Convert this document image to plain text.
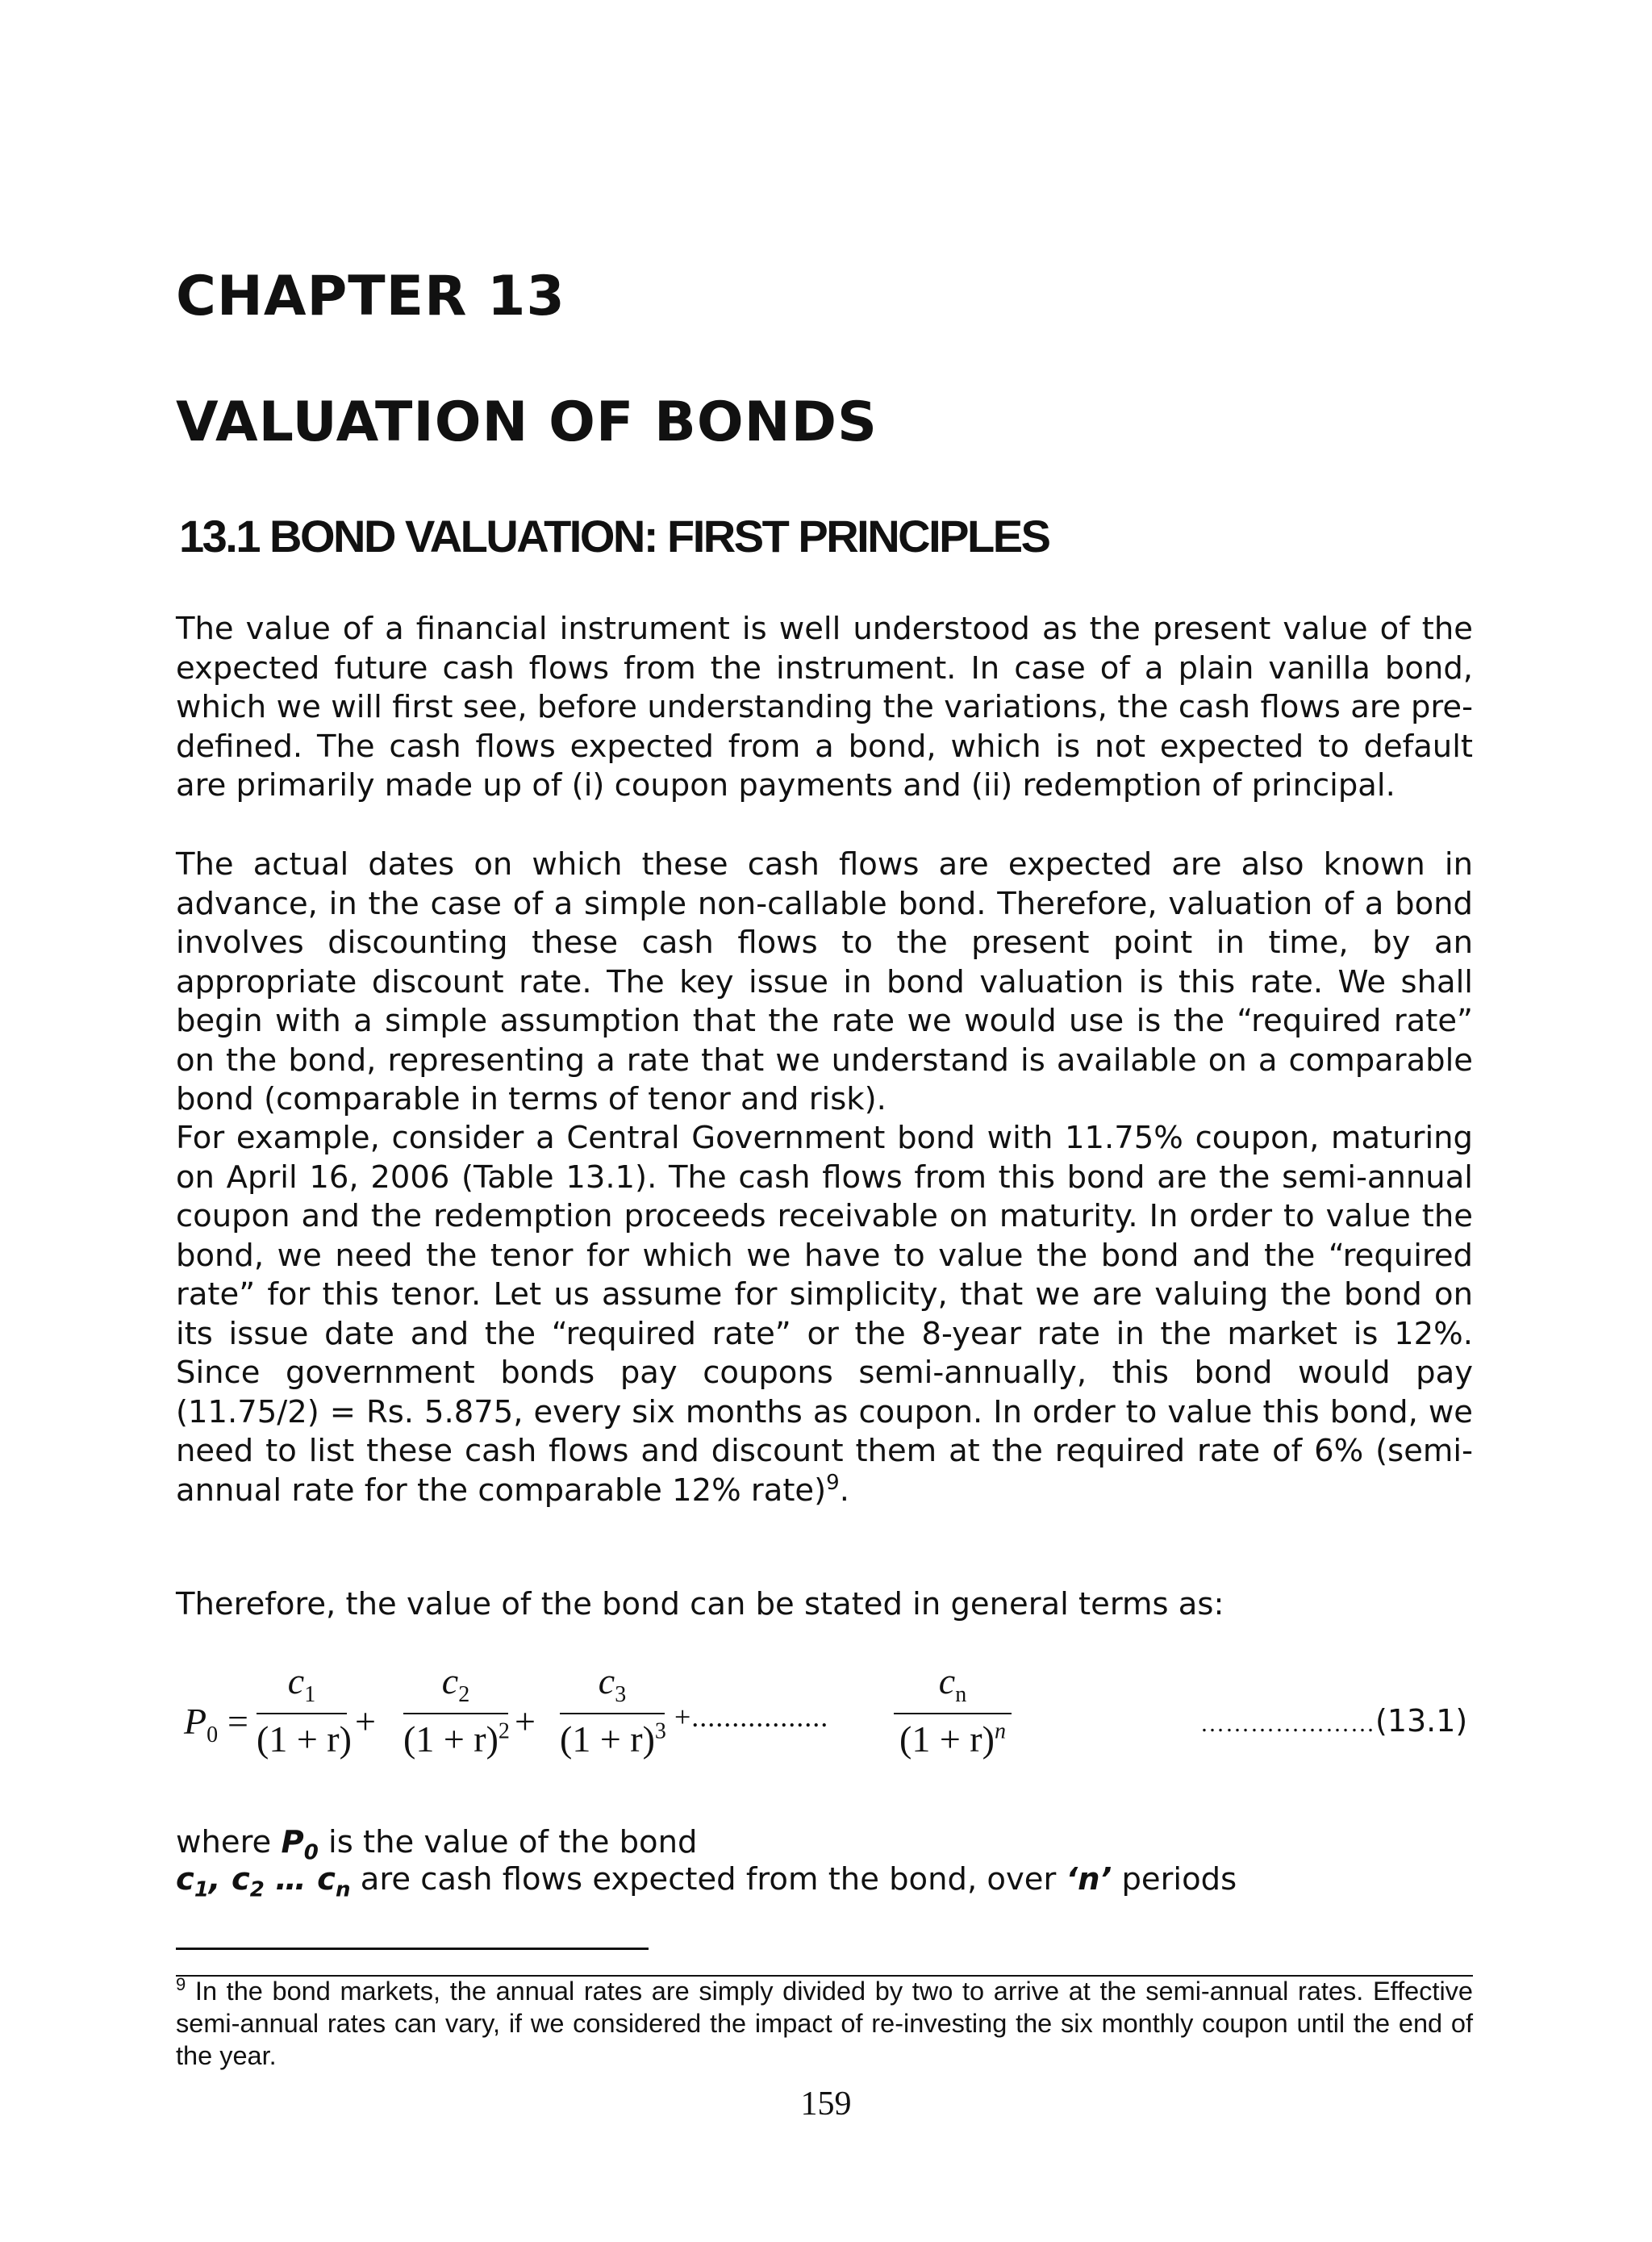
CHAPTER 13
VALUATION OF BONDS
13.1 BOND VALUATION: FIRST PRINCIPLES

The value of a financial instrument is well understood as the present value of the expected future cash flows from the instrument. In case of a plain vanilla bond, which we will first see, before understanding the variations, the cash flows are pre-defined. The cash flows expected from a bond, which is not expected to default are primarily made up of (i) coupon payments and (ii) redemption of principal.

The actual dates on which these cash flows are expected are also known in advance, in the case of a simple non-callable bond. Therefore, valuation of a bond involves discounting these cash flows to the present point in time, by an appropriate discount rate. The key issue in bond valuation is this rate. We shall begin with a simple assumption that the rate we would use is the “required rate” on the bond, representing a rate that we understand is available on a comparable bond (comparable in terms of tenor and risk).

For example, consider a Central Government bond with 11.75% coupon, maturing on April 16, 2006 (Table 13.1). The cash flows from this bond are the semi-annual coupon and the redemption proceeds receivable on maturity. In order to value the bond, we need the tenor for which we have to value the bond and the “required rate” for this tenor. Let us assume for simplicity, that we are valuing the bond on its issue date and the “required rate” or the 8-year rate in the market is 12%. Since government bonds pay coupons semi-annually, this bond would pay (11.75/2) = Rs. 5.875, every six months as coupon. In order to value this bond, we need to list these cash flows and discount them at the required rate of 6% (semi-annual rate for the comparable 12% rate)$^9$.

Therefore, the value of the bond can be stated in general terms as:

$P_0$ =
$c_1$
(1 + r) +
$c_2$
$(1 + r)^2$ +
$c_3$
$(1 + r)^3$ +.................
$c_n$
$(1 + r)^n$	…………………(13.1)

where $P_0$ is the value of the bond

$c_1$, $c_2$ … $c_n$ are cash flows expected from the bond, over ‘n’ periods

$^9$ In the bond markets, the annual rates are simply divided by two to arrive at the semi-annual rates. Effective semi-annual rates can vary, if we considered the impact of re-investing the six monthly coupon until the end of the year.

159
